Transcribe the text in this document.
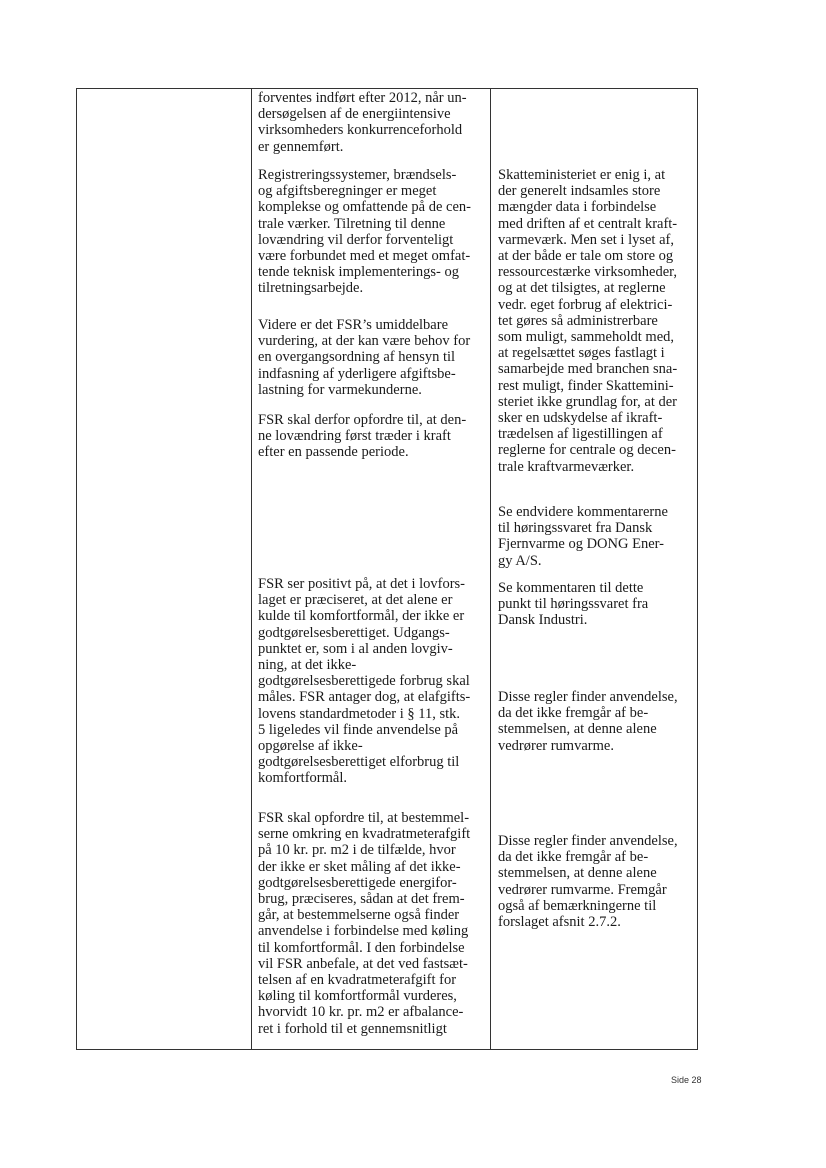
forventes indført efter 2012, når un-
dersøgelsen af de energiintensive
virksomheders konkurrenceforhold
er gennemført.

Registreringssystemer, brændsels-
og afgiftsberegninger er meget
komplekse og omfattende på de cen-
trale værker. Tilretning til denne
lovændring vil derfor forventeligt
være forbundet med et meget omfat-
tende teknisk implementerings- og
tilretningsarbejde.

Videre er det FSR’s umiddelbare
vurdering, at der kan være behov for
en overgangsordning af hensyn til
indfasning af yderligere afgiftsbe-
lastning for varmekunderne.

FSR skal derfor opfordre til, at den-
ne lovændring først træder i kraft
efter en passende periode.

FSR ser positivt på, at det i lovfors-
laget er præciseret, at det alene er
kulde til komfortformål, der ikke er
godtgørelsesberettiget. Udgangs-
punktet er, som i al anden lovgiv-
ning, at det ikke-
godtgørelsesberettigede forbrug skal
måles. FSR antager dog, at elafgifts-
lovens standardmetoder i § 11, stk.
5 ligeledes vil finde anvendelse på
opgørelse af ikke-
godtgørelsesberettiget elforbrug til
komfortformål.

FSR skal opfordre til, at bestemmel-
serne omkring en kvadratmeterafgift
på 10 kr. pr. m2 i de tilfælde, hvor
der ikke er sket måling af det ikke-
godtgørelsesberettigede energifor-
brug, præciseres, sådan at det frem-
går, at bestemmelserne også finder
anvendelse i forbindelse med køling
til komfortformål. I den forbindelse
vil FSR anbefale, at det ved fastsæt-
telsen af en kvadratmeterafgift for
køling til komfortformål vurderes,
hvorvidt 10 kr. pr. m2 er afbalance-
ret i forhold til et gennemsnitligt

Skatteministeriet er enig i, at
der generelt indsamles store
mængder data i forbindelse
med driften af et centralt kraft-
varmeværk. Men set i lyset af,
at der både er tale om store og
ressourcestærke virksomheder,
og at det tilsigtes, at reglerne
vedr. eget forbrug af elektrici-
tet gøres så administrerbare
som muligt, sammeholdt med,
at regelsættet søges fastlagt i
samarbejde med branchen sna-
rest muligt, finder Skattemini-
steriet ikke grundlag for, at der
sker en udskydelse af ikraft-
trædelsen af ligestillingen af
reglerne for centrale og decen-
trale kraftvarmeværker.

Se endvidere kommentarerne
til høringssvaret fra Dansk
Fjernvarme og DONG Ener-
gy A/S.

Se kommentaren til dette
punkt til høringssvaret fra
Dansk Industri.

Disse regler finder anvendelse,
da det ikke fremgår af be-
stemmelsen, at denne alene
vedrører rumvarme.

Disse regler finder anvendelse,
da det ikke fremgår af be-
stemmelsen, at denne alene
vedrører rumvarme. Fremgår
også af bemærkningerne til
forslaget afsnit 2.7.2.

Side 28
